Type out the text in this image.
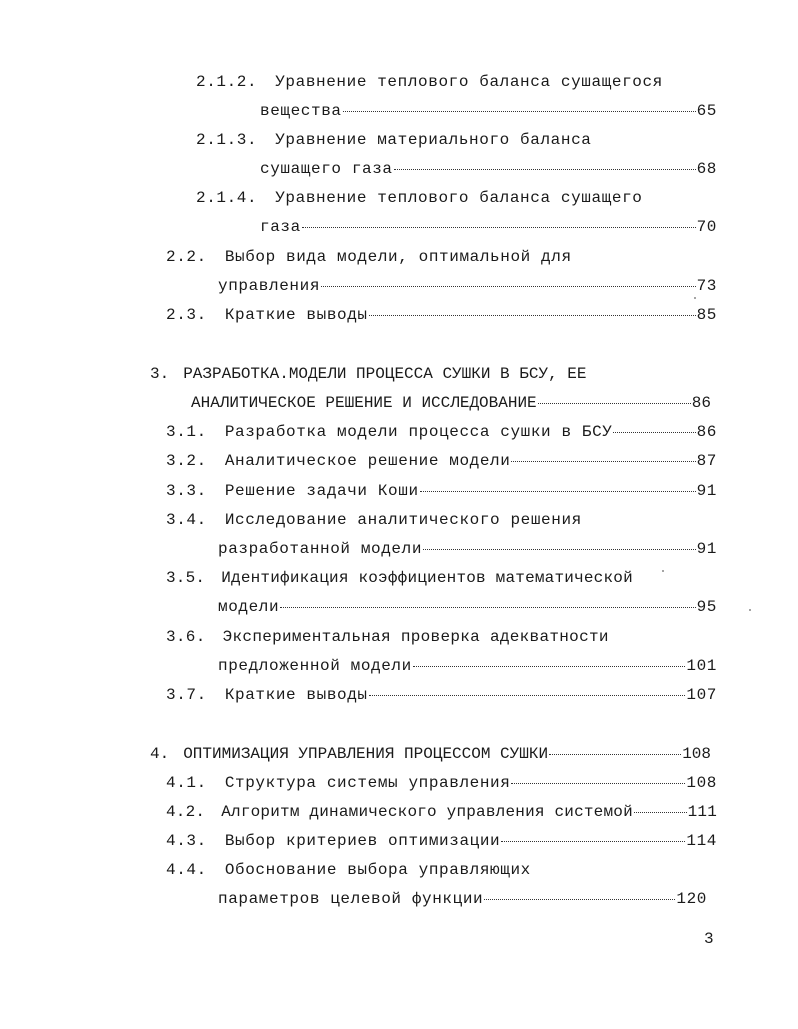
2.1.2. Уравнение теплового баланса сушащегося
вещества	65
2.1.3. Уравнение материального баланса
сушащего газа	68
2.1.4. Уравнение теплового баланса сушащего
газа	70
2.2. Выбор вида модели, оптимальной для
управления	73
2.3. Краткие выводы	85
3. РАЗРАБОТКА.МОДЕЛИ ПРОЦЕССА СУШКИ В БСУ, ЕЕ
АНАЛИТИЧЕСКОЕ РЕШЕНИЕ И ИССЛЕДОВАНИЕ	86
3.1. Разработка модели процесса сушки в БСУ	86
3.2. Аналитическое решение модели	87
3.3. Решение задачи Коши	91
3.4. Исследование аналитического решения
разработанной модели	91
3.5. Идентификация коэффициентов математической
модели	95
3.6. Экспериментальная проверка адекватности
предложенной модели	101
3.7. Краткие выводы	107
4. ОПТИМИЗАЦИЯ УПРАВЛЕНИЯ ПРОЦЕССОМ СУШКИ	108
4.1. Структура системы управления	108
4.2. Алгоритм динамического управления системой	111
4.3. Выбор критериев оптимизации	114
4.4. Обоснование выбора управляющих
параметров целевой функции	120
3
